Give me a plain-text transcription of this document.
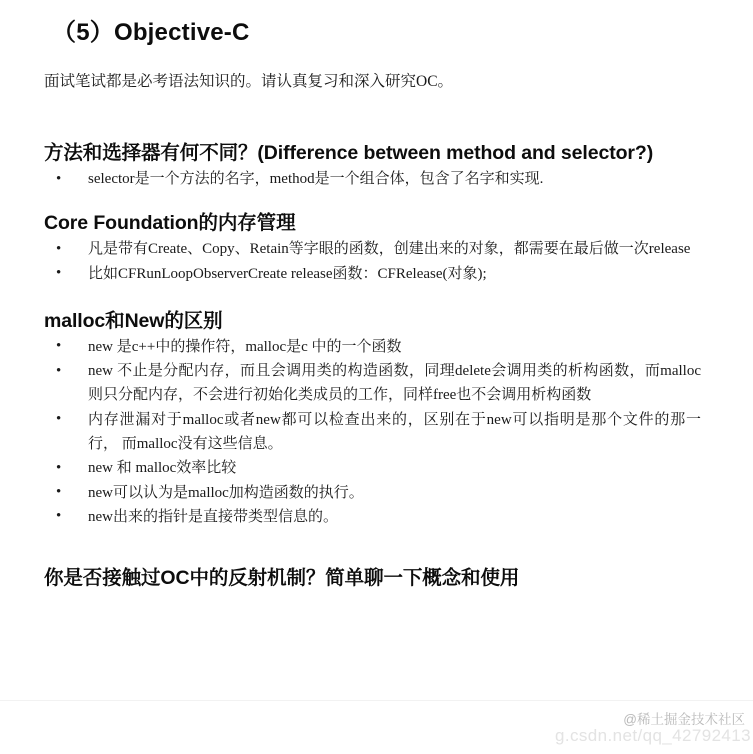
（5）Objective-C

面试笔试都是必考语法知识的。请认真复习和深入研究OC。

方法和选择器有何不同？(Difference between method and selector?)
• selector是一个方法的名字，method是一个组合体，包含了名字和实现.
Core Foundation的内存管理
• 凡是带有Create、Copy、Retain等字眼的函数，创建出来的对象，都需要在最后做一次release
• 比如CFRunLoopObserverCreate release函数：CFRelease(对象);
malloc和New的区别
• new 是c++中的操作符，malloc是c 中的一个函数
• new 不止是分配内存，而且会调用类的构造函数，同理delete会调用类的析构函数，而malloc则只分配内存，不会进行初始化类成员的工作，同样free也不会调用析构函数
• 内存泄漏对于malloc或者new都可以检查出来的，区别在于new可以指明是那个文件的那一行， 而malloc没有这些信息。
• new 和 malloc效率比较
• new可以认为是malloc加构造函数的执行。
• new出来的指针是直接带类型信息的。
你是否接触过OC中的反射机制？简单聊一下概念和使用
@稀土掘金技术社区
g.csdn.net/qq_42792413
